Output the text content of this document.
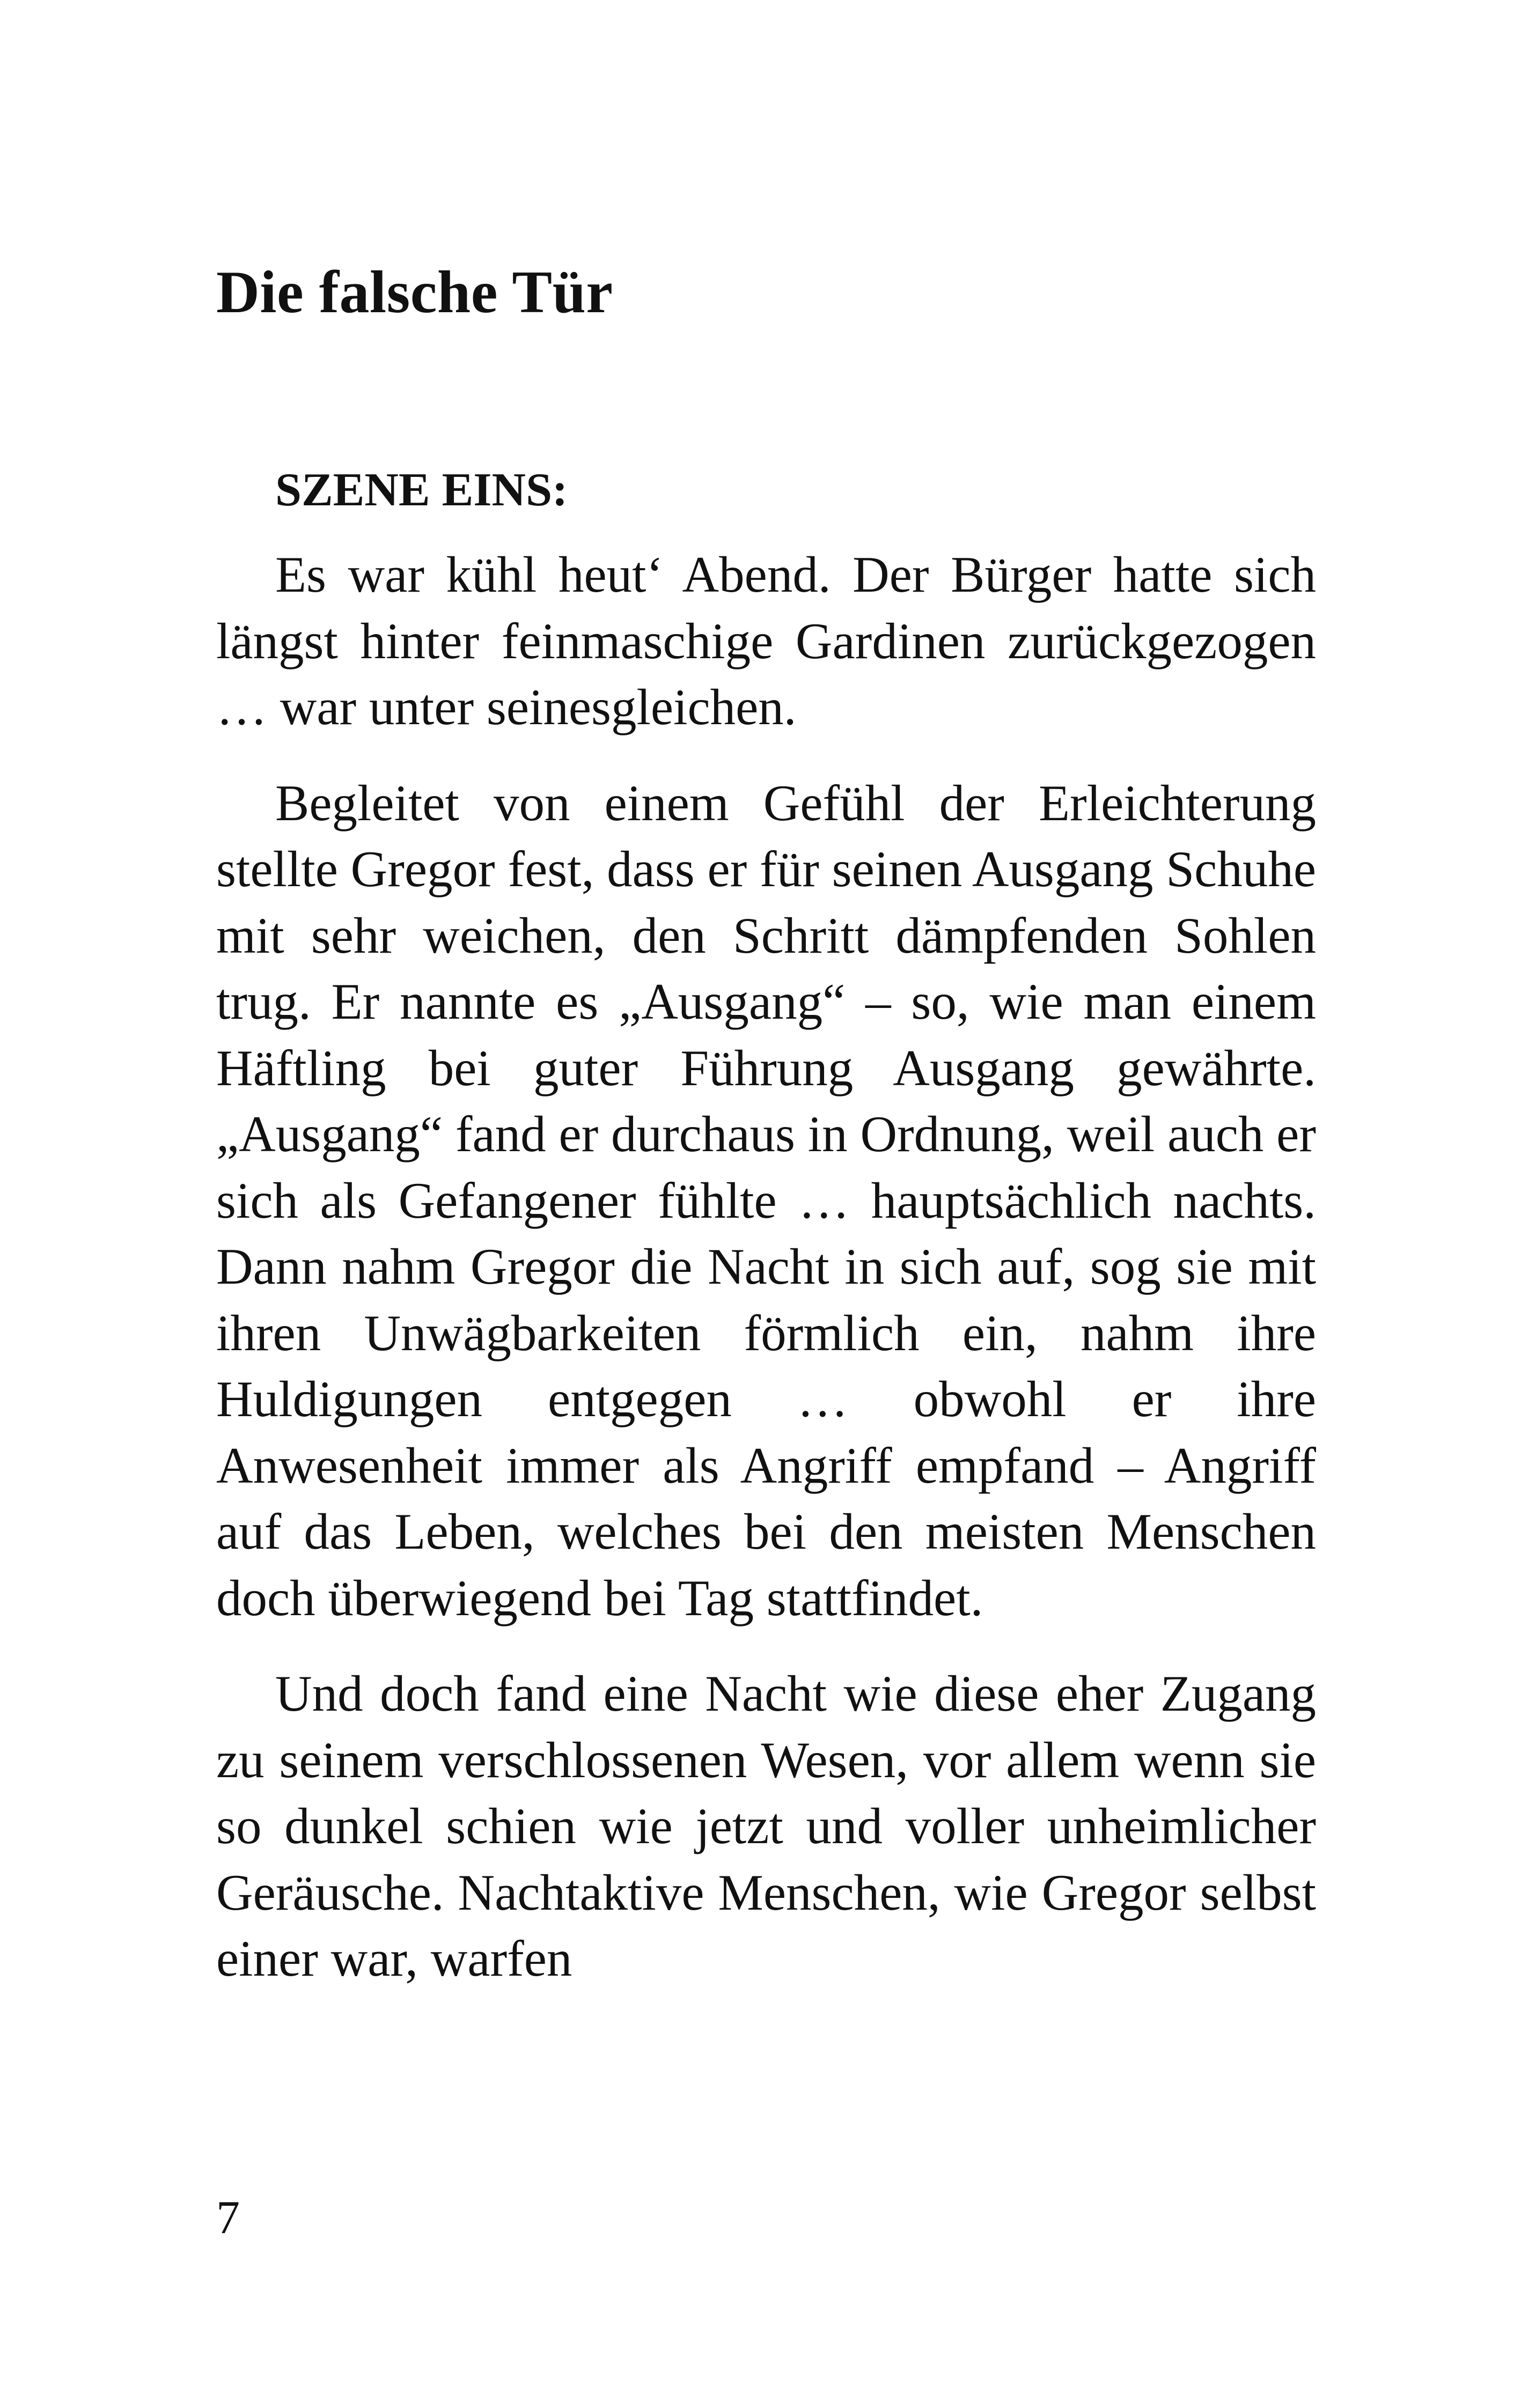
Die falsche Tür
SZENE EINS:

Es war kühl heut‘ Abend. Der Bürger hatte sich längst hinter feinmaschige Gardinen zurückgezogen … war unter seinesgleichen.

Begleitet von einem Gefühl der Erleichterung stellte Gregor fest, dass er für seinen Ausgang Schuhe mit sehr weichen, den Schritt dämpfenden Sohlen trug. Er nannte es „Ausgang“ – so, wie man einem Häftling bei guter Führung Ausgang gewährte. „Ausgang“ fand er durchaus in Ordnung, weil auch er sich als Gefangener fühlte … hauptsächlich nachts. Dann nahm Gregor die Nacht in sich auf, sog sie mit ihren Unwägbarkeiten förmlich ein, nahm ihre Huldigungen entgegen … obwohl er ihre Anwesenheit immer als Angriff empfand – Angriff auf das Leben, welches bei den meisten Menschen doch überwiegend bei Tag stattfindet.

Und doch fand eine Nacht wie diese eher Zugang zu seinem verschlossenen Wesen, vor allem wenn sie so dunkel schien wie jetzt und voller unheimlicher Geräusche. Nachtaktive Menschen, wie Gregor selbst einer war, warfen

7
